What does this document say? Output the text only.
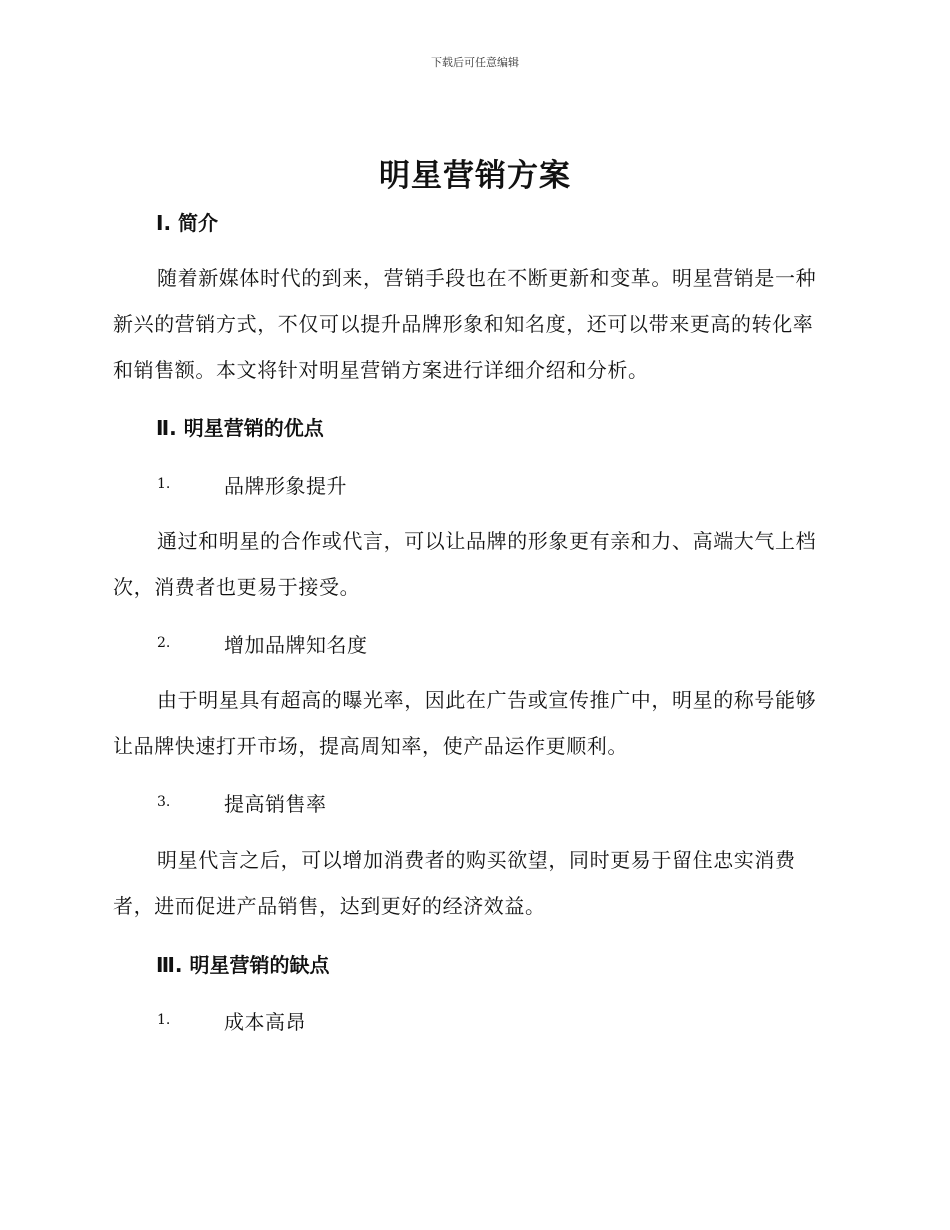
下载后可任意编辑
明星营销方案
Ⅰ. 简介
随着新媒体时代的到来，营销手段也在不断更新和变革。明星营销是一种新兴的营销方式，不仅可以提升品牌形象和知名度，还可以带来更高的转化率和销售额。本文将针对明星营销方案进行详细介绍和分析。
Ⅱ. 明星营销的优点
1.	品牌形象提升
通过和明星的合作或代言，可以让品牌的形象更有亲和力、高端大气上档次，消费者也更易于接受。
2.	增加品牌知名度
由于明星具有超高的曝光率，因此在广告或宣传推广中，明星的称号能够让品牌快速打开市场，提高周知率，使产品运作更顺利。
3.	提高销售率
明星代言之后，可以增加消费者的购买欲望，同时更易于留住忠实消费者，进而促进产品销售，达到更好的经济效益。
Ⅲ. 明星营销的缺点
1.	成本高昂
